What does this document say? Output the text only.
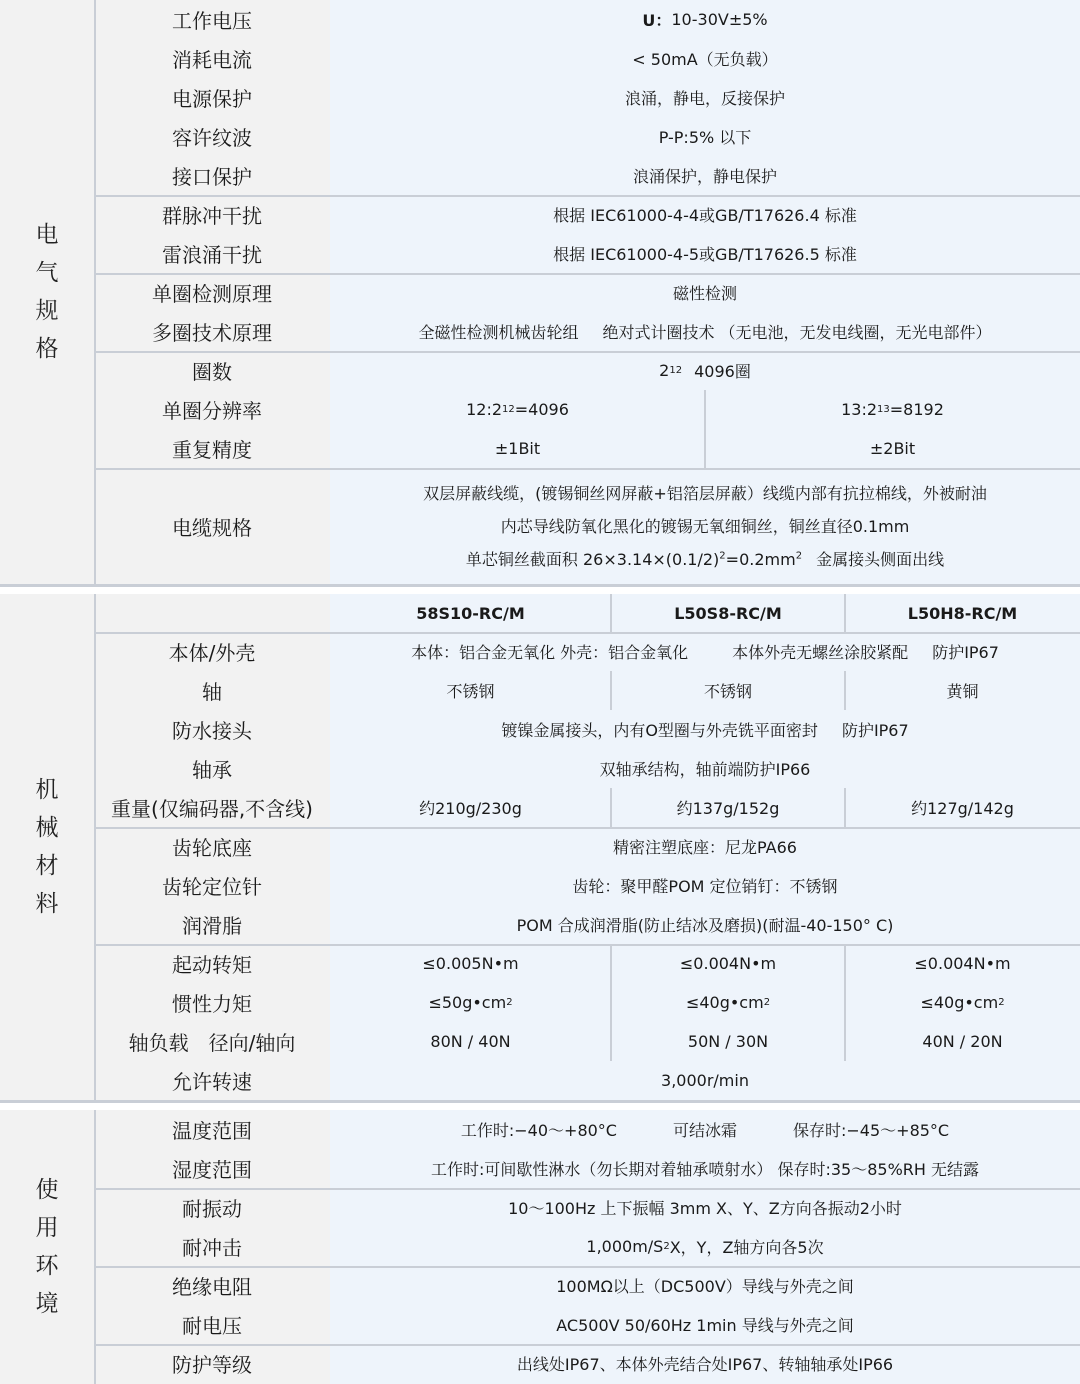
电
气
规
格
工作电压	U： 10-30V±5%
消耗电流	< 50mA（无负载）
电源保护	浪涌，静电，反接保护
容许纹波	P-P:5% 以下
接口保护	浪涌保护，静电保护
群脉冲干扰	根据 IEC61000-4-4或GB/T17626.4 标准
雷浪涌干扰	根据 IEC61000-4-5或GB/T17626.5 标准
单圈检测原理	磁性检测
多圈技术原理	全磁性检测机械齿轮组 绝对式计圈技术 （无电池，无发电线圈，无光电部件）
圈数	2 12 4096圈
单圈分辨率	12:2 12 =4096	13:2 13 =8192
重复精度	±1Bit	±2Bit
电缆规格
双层屏蔽线缆，(镀锡铜丝网屏蔽+铝箔层屏蔽）线缆内部有抗拉棉线，外被耐油
内芯导线防氧化黑化的镀锡无氧细铜丝，铜丝直径0.1mm
单芯铜丝截面积 $26\times 3.14\times(0.1/2)^2=0.2mm^2$ 金属接头侧面出线
机
械
材
料
58S10-RC/M	L50S8-RC/M	L50H8-RC/M
本体/外壳	本体：铝合金无氧化 外壳：铝合金氧化	本体外壳无螺丝涂胶紧配 防护IP67
轴	不锈钢	不锈钢	黄铜
防水接头	镀镍金属接头，内有O型圈与外壳铣平面密封 防护IP67
轴承	双轴承结构，轴前端防护IP66
重量(仅编码器,不含线)	约210g/230g	约137g/152g	约127g/142g
齿轮底座	精密注塑底座：尼龙PA66
齿轮定位针	齿轮：聚甲醛POM 定位销钉：不锈钢
润滑脂	POM 合成润滑脂(防止结冰及磨损)(耐温-40-150° C)
起动转矩	≤0.005N•m	≤0.004N•m	≤0.004N•m
惯性力矩	≤50g•cm 2	≤40g•cm 2	≤40g•cm 2
轴负载　径向/轴向	80N / 40N	50N / 30N	40N / 20N
允许转速	3,000r/min
使
用
环
境
温度范围	工作时:−40～+80°C	可结冰霜	保存时:−45～+85°C
湿度范围	工作时:可间歇性淋水（勿长期对着轴承喷射水） 保存时:35～85%RH 无结露
耐振动	10～100Hz 上下振幅 3mm X、Y、Z方向各振动2小时
耐冲击	1,000m/S 2 X，Y，Z轴方向各5次
绝缘电阻	100MΩ以上（DC500V）导线与外壳之间
耐电压	AC500V 50/60Hz 1min 导线与外壳之间
防护等级	出线处IP67、本体外壳结合处IP67、转轴轴承处IP66
